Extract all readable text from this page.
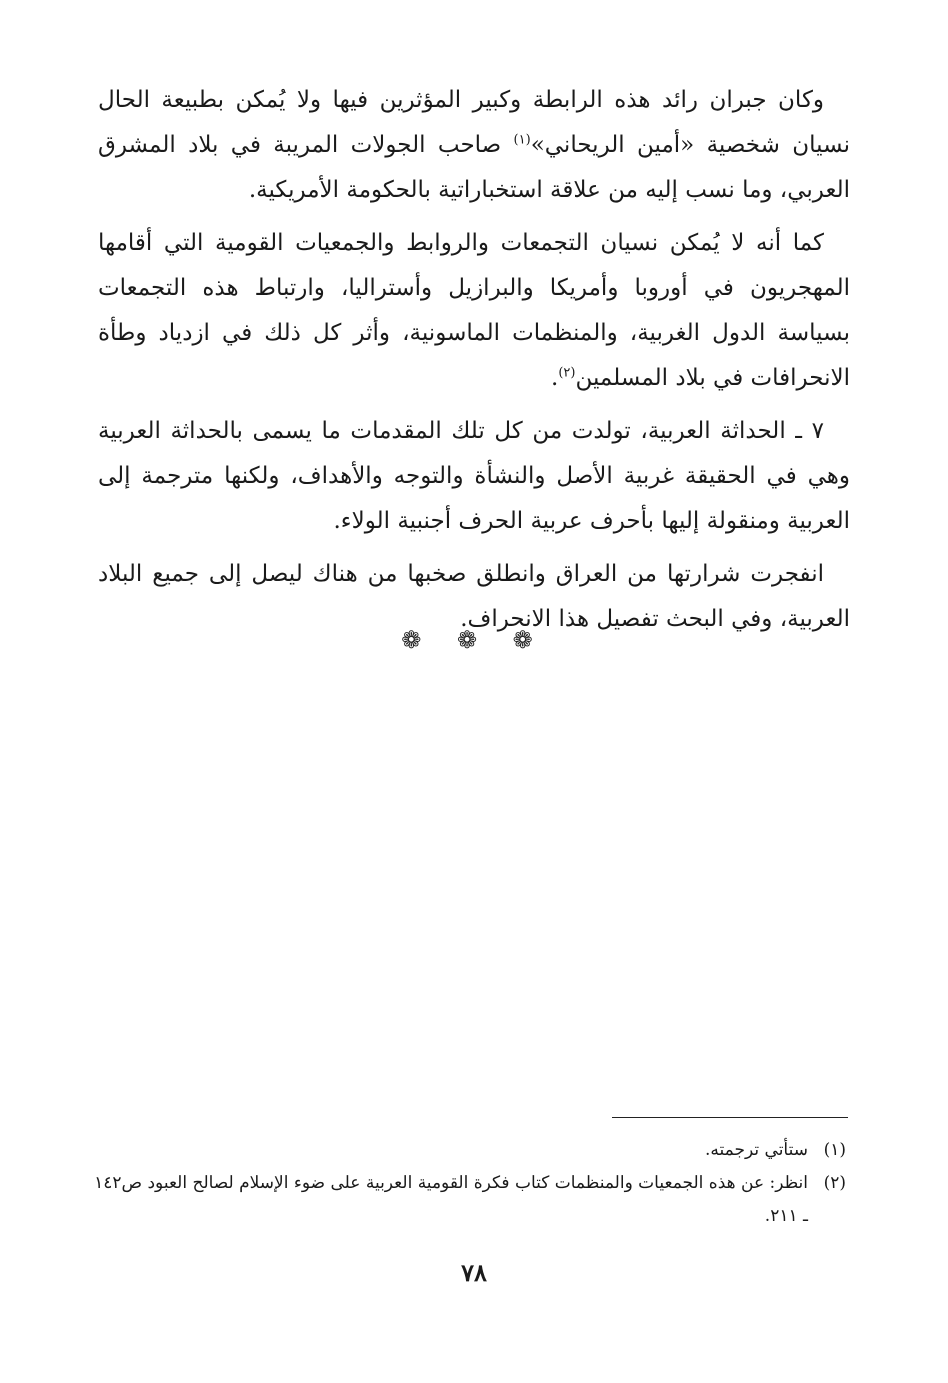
وكان جبران رائد هذه الرابطة وكبير المؤثرين فيها ولا يُمكن بطبيعة الحال نسيان شخصية «أمين الريحاني»$^{(١)}$ صاحب الجولات المريبة في بلاد المشرق العربي، وما نسب إليه من علاقة استخباراتية بالحكومة الأمريكية.

كما أنه لا يُمكن نسيان التجمعات والروابط والجمعيات القومية التي أقامها المهجريون في أوروبا وأمريكا والبرازيل وأستراليا، وارتباط هذه التجمعات بسياسة الدول الغربية، والمنظمات الماسونية، وأثر كل ذلك في ازدياد وطأة الانحرافات في بلاد المسلمين$^{(٢)}$.

٧ ـ الحداثة العربية، تولدت من كل تلك المقدمات ما يسمى بالحداثة العربية وهي في الحقيقة غربية الأصل والنشأة والتوجه والأهداف، ولكنها مترجمة إلى العربية ومنقولة إليها بأحرف عربية الحرف أجنبية الولاء.

انفجرت شرارتها من العراق وانطلق صخبها من هناك ليصل إلى جميع البلاد العربية، وفي البحث تفصيل هذا الانحراف.

❁ ❁ ❁
(١)
ستأتي ترجمته.
(٢)
انظر: عن هذه الجمعيات والمنظمات كتاب فكرة القومية العربية على ضوء الإسلام لصالح العبود ص١٤٢ ـ ٢١١.
٧٨
